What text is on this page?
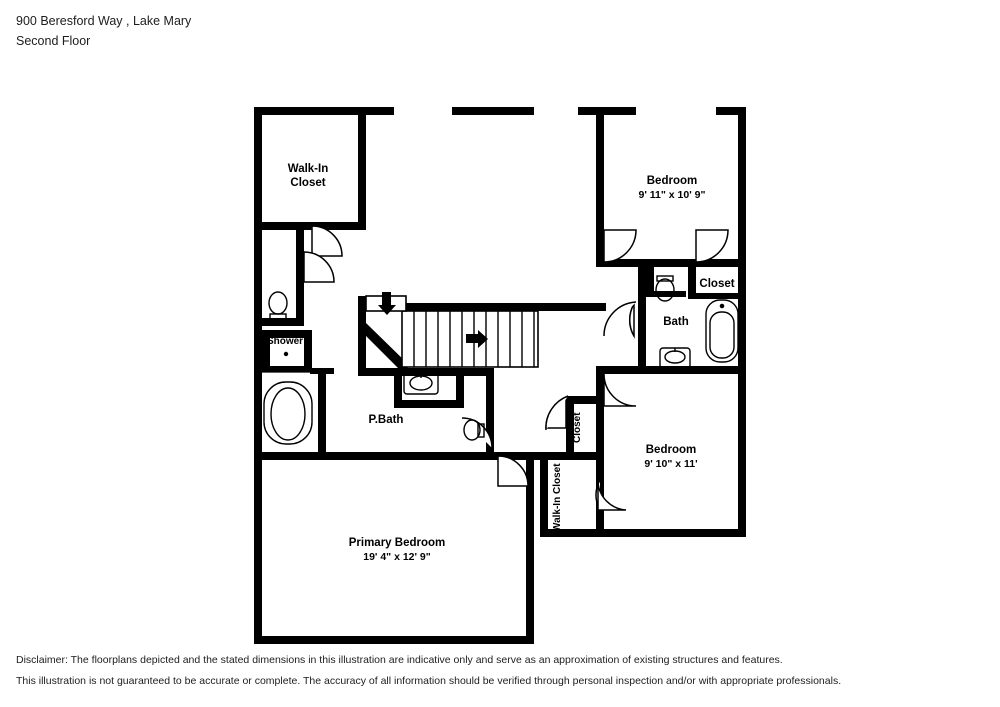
900 Beresford Way , Lake Mary
Second Floor
Walk-In
Closet	Bedroom
9' 11" x 10' 9"
Closet
Bath
Shower
P.Bath	Closet
Bedroom
9' 10" x 11'
Walk-In Closet
Primary Bedroom
19' 4" x 12' 9"
Disclaimer: The floorplans depicted and the stated dimensions in this illustration are indicative only and serve as an approximation of existing structures and features.
This illustration is not guaranteed to be accurate or complete. The accuracy of all information should be verified through personal inspection and/or with appropriate professionals.
